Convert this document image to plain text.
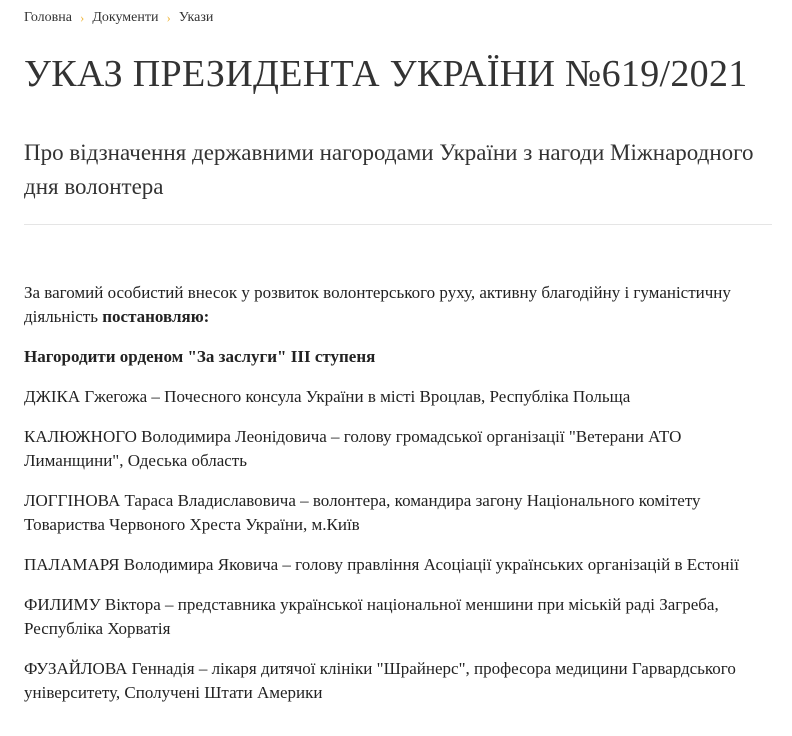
Головна › Документи › Укази
УКАЗ ПРЕЗИДЕНТА УКРАЇНИ №619/2021
Про відзначення державними нагородами України з нагоди Міжнародного дня волонтера

За вагомий особистий внесок у розвиток волонтерського руху, активну благодійну і гуманістичну діяльність постановляю:

Нагородити орденом "За заслуги" ІІІ ступеня

ДЖІКА Гжегожа – Почесного консула України в місті Вроцлав, Республіка Польща

КАЛЮЖНОГО Володимира Леонідовича – голову громадської організації "Ветерани АТО Лиманщини", Одеська область

ЛОГГІНОВА Тараса Владиславовича – волонтера, командира загону Національного комітету Товариства Червоного Хреста України, м.Київ

ПАЛАМАРЯ Володимира Яковича – голову правління Асоціації українських організацій в Естонії

ФИЛИМУ Віктора – представника української національної меншини при міській раді Загреба, Республіка Хорватія

ФУЗАЙЛОВА Геннадія – лікаря дитячої клініки "Шрайнерс", професора медицини Гарвардського університету, Сполучені Штати Америки
